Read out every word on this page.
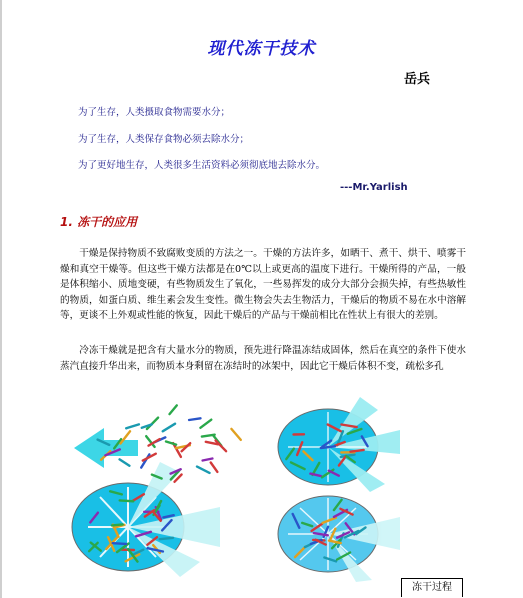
现代冻干技术
岳兵
为了生存，人类摄取食物需要水分；
为了生存，人类保存食物必须去除水分；
为了更好地生存，人类很多生活资料必须彻底地去除水分。
---Mr.Yarlish
1. 冻干的应用
干燥是保持物质不致腐败变质的方法之一。干燥的方法许多，如晒干、煮干、烘干、喷雾干燥和真空干燥等。但这些干燥方法都是在0℃以上或更高的温度下进行。干燥所得的产品，一般是体积缩小、质地变硬，有些物质发生了氧化，一些易挥发的成分大部分会损失掉，有些热敏性的物质，如蛋白质、维生素会发生变性。微生物会失去生物活力，干燥后的物质不易在水中溶解等，更谈不上外观或性能的恢复，因此干燥后的产品与干燥前相比在性状上有很大的差别。
冷冻干燥就是把含有大量水分的物质，预先进行降温冻结成固体，然后在真空的条件下使水蒸汽直接升华出来，而物质本身剩留在冻结时的冰架中，因此它干燥后体积不变，疏松多孔
冻干过程
